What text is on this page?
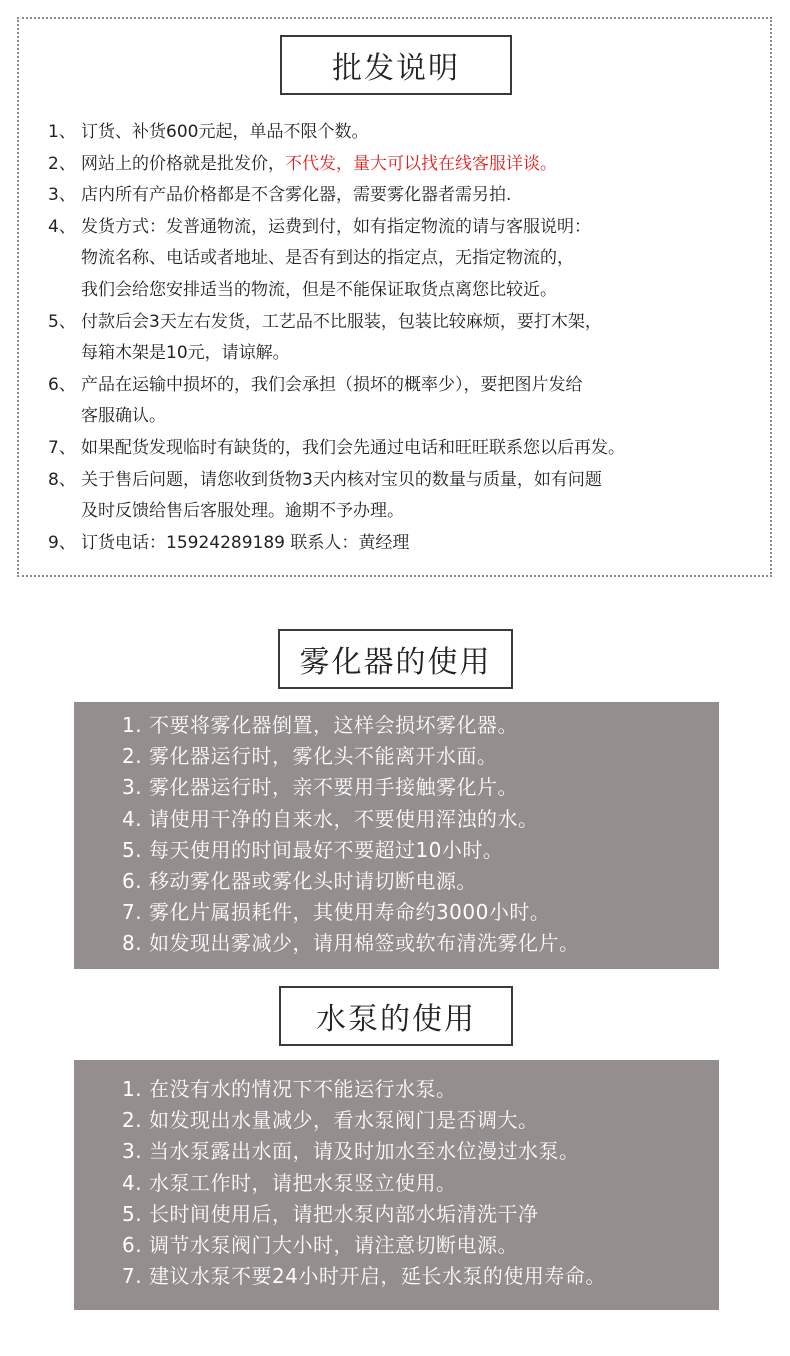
批发说明
1、 订货、补货600元起，单品不限个数。
2、 网站上的价格就是批发价，不代发，量大可以找在线客服详谈。
3、 店内所有产品价格都是不含雾化器，需要雾化器者需另拍.
4、 发货方式：发普通物流，运费到付，如有指定物流的请与客服说明：
物流名称、电话或者地址、是否有到达的指定点，无指定物流的，
我们会给您安排适当的物流，但是不能保证取货点离您比较近。
5、 付款后会3天左右发货，工艺品不比服装，包装比较麻烦，要打木架，
每箱木架是10元，请谅解。
6、 产品在运输中损坏的，我们会承担（损坏的概率少），要把图片发给
客服确认。
7、 如果配货发现临时有缺货的，我们会先通过电话和旺旺联系您以后再发。
8、 关于售后问题，请您收到货物3天内核对宝贝的数量与质量，如有问题
及时反馈给售后客服处理。逾期不予办理。
9、 订货电话：15924289189 联系人：黄经理
雾化器的使用
1. 不要将雾化器倒置，这样会损坏雾化器。
2. 雾化器运行时，雾化头不能离开水面。
3. 雾化器运行时，亲不要用手接触雾化片。
4. 请使用干净的自来水，不要使用浑浊的水。
5. 每天使用的时间最好不要超过10小时。
6. 移动雾化器或雾化头时请切断电源。
7. 雾化片属损耗件，其使用寿命约3000小时。
8. 如发现出雾减少，请用棉签或软布清洗雾化片。
水泵的使用
1. 在没有水的情况下不能运行水泵。
2. 如发现出水量减少，看水泵阀门是否调大。
3. 当水泵露出水面，请及时加水至水位漫过水泵。
4. 水泵工作时，请把水泵竖立使用。
5. 长时间使用后，请把水泵内部水垢清洗干净
6. 调节水泵阀门大小时，请注意切断电源。
7. 建议水泵不要24小时开启，延长水泵的使用寿命。
